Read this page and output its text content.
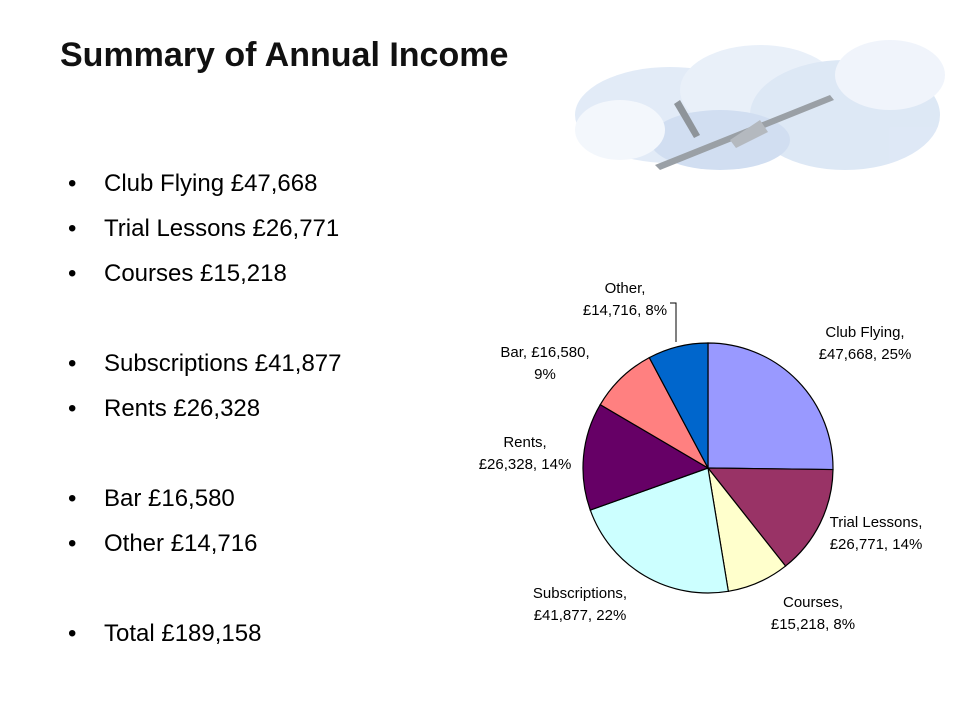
Summary of Annual Income
• Club Flying £47,668
• Trial Lessons £26,771
• Courses £15,218
• Subscriptions £41,877
• Rents £26,328
• Bar £16,580
• Other £14,716
• Total £189,158
Club Flying, £47,668, 25%
Trial Lessons, £26,771, 14%
Courses, £15,218, 8%
Subscriptions, £41,877, 22%
Rents, £26,328, 14%
Bar, £16,580, 9%
Other, £14,716, 8%
